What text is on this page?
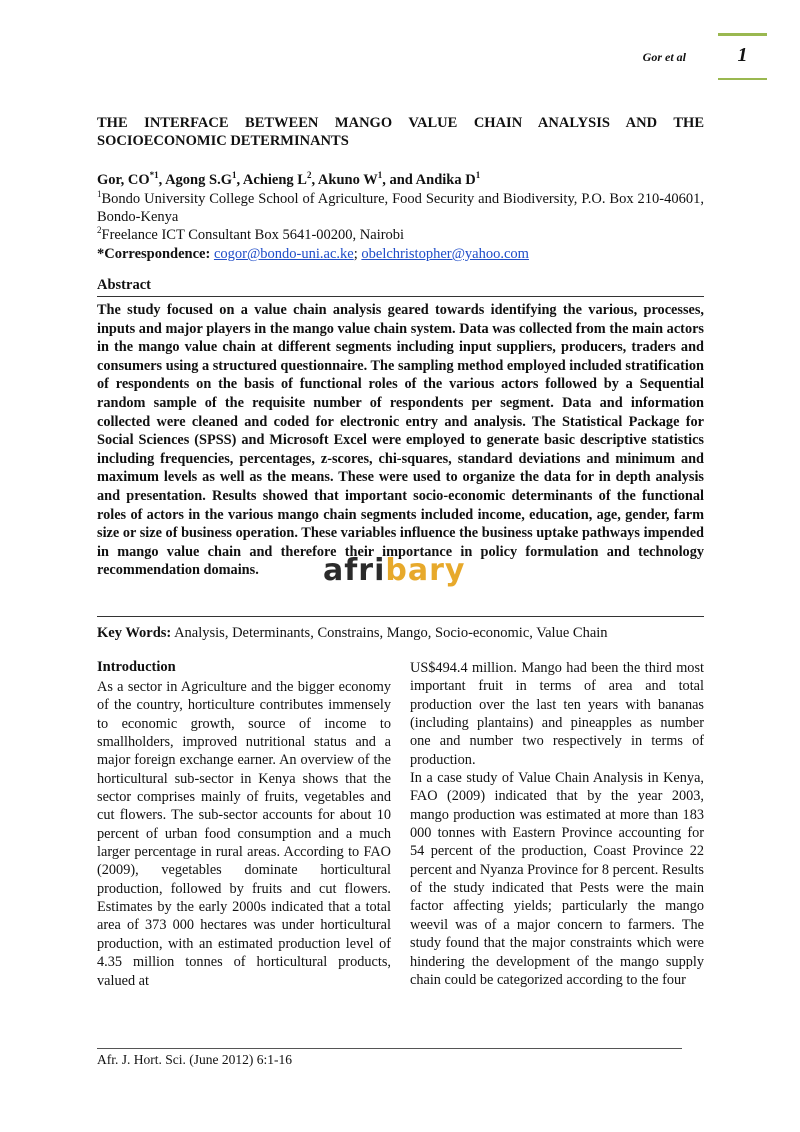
Gor et al	1
THE INTERFACE BETWEEN MANGO VALUE CHAIN ANALYSIS AND THE SOCIOECONOMIC DETERMINANTS
Gor, CO$^{*1}$, Agong $S.G^1$, Achieng $L^2$, Akuno $W^1$, and Andika $D^1$
$^1$Bondo University College School of Agriculture, Food Security and Biodiversity, P.O. Box 210-40601, Bondo-Kenya
$^2$Freelance ICT Consultant Box 5641-00200, Nairobi
*Correspondence: cogor@bondo-uni.ac.ke; obelchristopher@yahoo.com
Abstract

The study focused on a value chain analysis geared towards identifying the various, processes, inputs and major players in the mango value chain system. Data was collected from the main actors in the mango value chain at different segments including input suppliers, producers, traders and consumers using a structured questionnaire. The sampling method employed included stratification of respondents on the basis of functional roles of the various actors followed by a Sequential random sample of the requisite number of respondents per segment. Data and information collected were cleaned and coded for electronic entry and analysis. The Statistical Package for Social Sciences (SPSS) and Microsoft Excel were employed to generate basic descriptive statistics including frequencies, percentages, z-scores, chi-squares, standard deviations and minimum and maximum levels as well as the means. These were used to organize the data for in depth analysis and presentation. Results showed that important socio-economic determinants of the functional roles of actors in the various mango chain segments included income, education, age, gender, farm size or size of business operation. These variables influence the business uptake pathways impended in mango value chain and therefore their importance in policy formulation and technology recommendation domains.	afribary
Key Words: Analysis, Determinants, Constrains, Mango, Socio-economic, Value Chain
Introduction

As a sector in Agriculture and the bigger economy of the country, horticulture contributes immensely to economic growth, source of income to smallholders, improved nutritional status and a major foreign exchange earner. An overview of the horticultural sub-sector in Kenya shows that the sector comprises mainly of fruits, vegetables and cut flowers. The sub-sector accounts for about 10 percent of urban food consumption and a much larger percentage in rural areas. According to FAO (2009), vegetables dominate horticultural production, followed by fruits and cut flowers. Estimates by the early 2000s indicated that a total area of 373 000 hectares was under horticultural production, with an estimated production level of 4.35 million tonnes of horticultural products, valued at

US$494.4 million. Mango had been the third most important fruit in terms of area and total production over the last ten years with bananas (including plantains) and pineapples as number one and number two respectively in terms of production.

In a case study of Value Chain Analysis in Kenya, FAO (2009) indicated that by the year 2003, mango production was estimated at more than 183 000 tonnes with Eastern Province accounting for 54 percent of the production, Coast Province 22 percent and Nyanza Province for 8 percent. Results of the study indicated that Pests were the main factor affecting yields; particularly the mango weevil was of a major concern to farmers. The study found that the major constraints which were hindering the development of the mango supply chain could be categorized according to the four

Afr. J. Hort. Sci. (June 2012) 6:1-16
